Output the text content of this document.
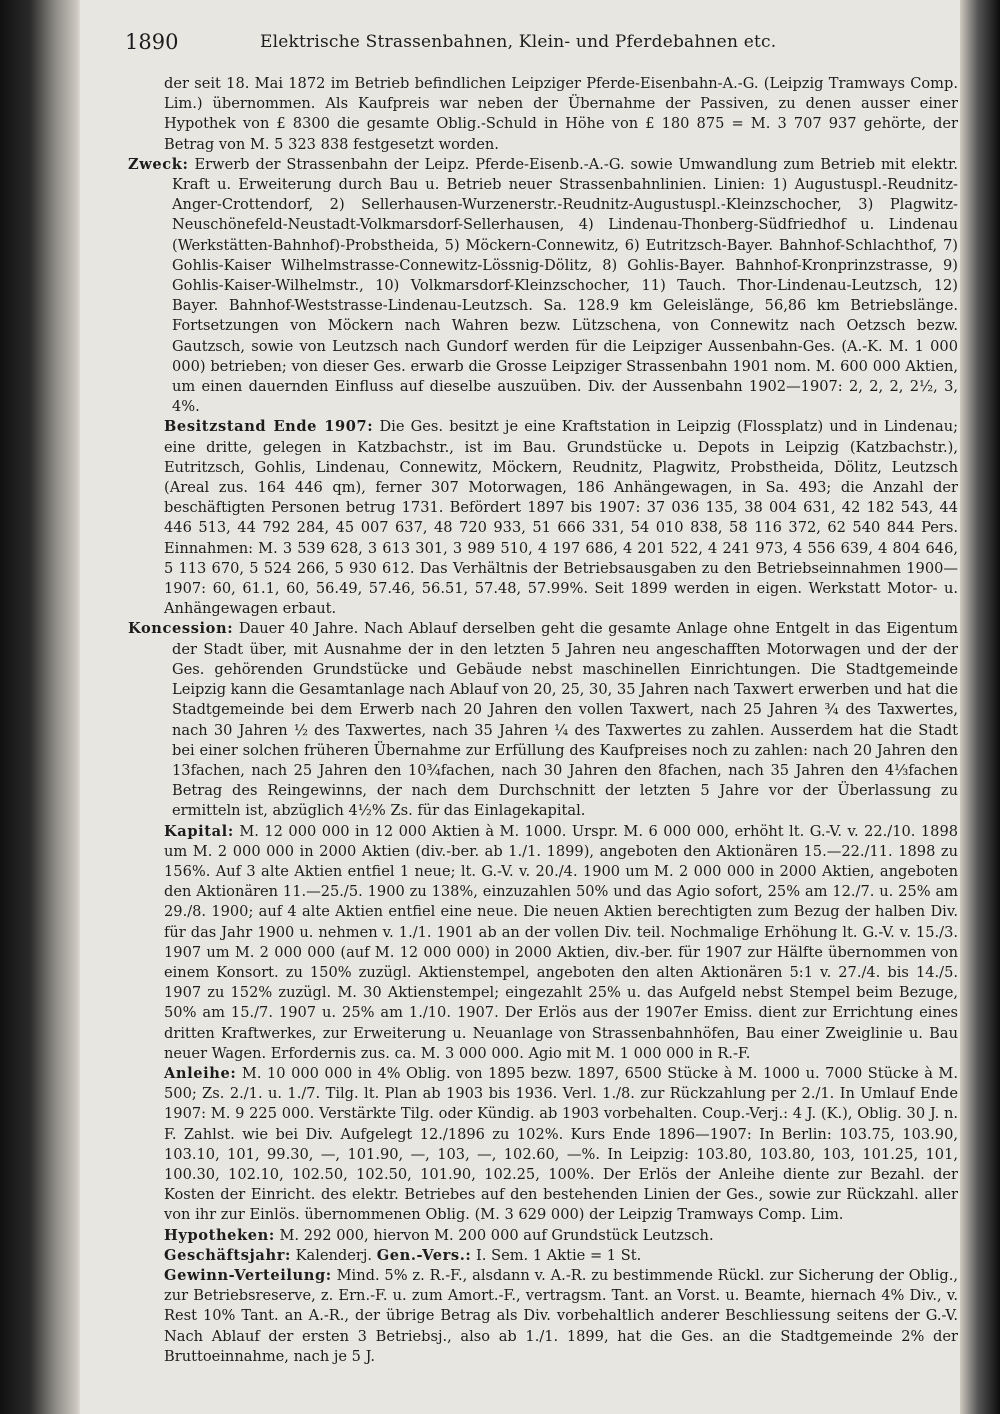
1890	Elektrische Strassenbahnen, Klein- und Pferdebahnen etc.

der seit 18. Mai 1872 im Betrieb befindlichen Leipziger Pferde-Eisenbahn-A.-G. (Leipzig Tramways Comp. Lim.) übernommen. Als Kaufpreis war neben der Übernahme der Passiven, zu denen ausser einer Hypothek von £ 8300 die gesamte Oblig.-Schuld in Höhe von £ 180 875 = M. 3 707 937 gehörte, der Betrag von M. 5 323 838 festgesetzt worden.

Zweck: Erwerb der Strassenbahn der Leipz. Pferde-Eisenb.-A.-G. sowie Umwandlung zum Betrieb mit elektr. Kraft u. Erweiterung durch Bau u. Betrieb neuer Strassenbahnlinien. Linien: 1) Augustuspl.-Reudnitz-Anger-Crottendorf, 2) Sellerhausen-Wurzenerstr.-Reudnitz-Augustuspl.-Kleinzschocher, 3) Plagwitz-Neuschönefeld-Neustadt-Volkmarsdorf-Sellerhausen, 4) Lindenau-Thonberg-Südfriedhof u. Lindenau (Werkstätten-Bahnhof)-Probstheida, 5) Möckern-Connewitz, 6) Eutritzsch-Bayer. Bahnhof-Schlachthof, 7) Gohlis-Kaiser Wilhelmstrasse-Connewitz-Lössnig-Dölitz, 8) Gohlis-Bayer. Bahnhof-Kronprinzstrasse, 9) Gohlis-Kaiser-Wilhelmstr., 10) Volkmarsdorf-Kleinzschocher, 11) Tauch. Thor-Lindenau-Leutzsch, 12) Bayer. Bahnhof-Weststrasse-Lindenau-Leutzsch. Sa. 128.9 km Geleislänge, 56,86 km Betriebslänge. Fortsetzungen von Möckern nach Wahren bezw. Lützschena, von Connewitz nach Oetzsch bezw. Gautzsch, sowie von Leutzsch nach Gundorf werden für die Leipziger Aussenbahn-Ges. (A.-K. M. 1 000 000) betrieben; von dieser Ges. erwarb die Grosse Leipziger Strassenbahn 1901 nom. M. 600 000 Aktien, um einen dauernden Einfluss auf dieselbe auszuüben. Div. der Aussenbahn 1902—1907: 2, 2, 2, 2½, 3, 4%.

Besitzstand Ende 1907: Die Ges. besitzt je eine Kraftstation in Leipzig (Flossplatz) und in Lindenau; eine dritte, gelegen in Katzbachstr., ist im Bau. Grundstücke u. Depots in Leipzig (Katzbachstr.), Eutritzsch, Gohlis, Lindenau, Connewitz, Möckern, Reudnitz, Plagwitz, Probstheida, Dölitz, Leutzsch (Areal zus. 164 446 qm), ferner 307 Motorwagen, 186 Anhängewagen, in Sa. 493; die Anzahl der beschäftigten Personen betrug 1731. Befördert 1897 bis 1907: 37 036 135, 38 004 631, 42 182 543, 44 446 513, 44 792 284, 45 007 637, 48 720 933, 51 666 331, 54 010 838, 58 116 372, 62 540 844 Pers. Einnahmen: M. 3 539 628, 3 613 301, 3 989 510, 4 197 686, 4 201 522, 4 241 973, 4 556 639, 4 804 646, 5 113 670, 5 524 266, 5 930 612. Das Verhältnis der Betriebsausgaben zu den Betriebseinnahmen 1900—1907: 60, 61.1, 60, 56.49, 57.46, 56.51, 57.48, 57.99%. Seit 1899 werden in eigen. Werkstatt Motor- u. Anhängewagen erbaut.

Koncession: Dauer 40 Jahre. Nach Ablauf derselben geht die gesamte Anlage ohne Entgelt in das Eigentum der Stadt über, mit Ausnahme der in den letzten 5 Jahren neu angeschafften Motorwagen und der der Ges. gehörenden Grundstücke und Gebäude nebst maschinellen Einrichtungen. Die Stadtgemeinde Leipzig kann die Gesamtanlage nach Ablauf von 20, 25, 30, 35 Jahren nach Taxwert erwerben und hat die Stadtgemeinde bei dem Erwerb nach 20 Jahren den vollen Taxwert, nach 25 Jahren ¾ des Taxwertes, nach 30 Jahren ½ des Taxwertes, nach 35 Jahren ¼ des Taxwertes zu zahlen. Ausserdem hat die Stadt bei einer solchen früheren Übernahme zur Erfüllung des Kaufpreises noch zu zahlen: nach 20 Jahren den 13fachen, nach 25 Jahren den 10¾fachen, nach 30 Jahren den 8fachen, nach 35 Jahren den 4⅓fachen Betrag des Reingewinns, der nach dem Durchschnitt der letzten 5 Jahre vor der Überlassung zu ermitteln ist, abzüglich 4½% Zs. für das Einlagekapital.

Kapital: M. 12 000 000 in 12 000 Aktien à M. 1000. Urspr. M. 6 000 000, erhöht lt. G.-V. v. 22./10. 1898 um M. 2 000 000 in 2000 Aktien (div.-ber. ab 1./1. 1899), angeboten den Aktionären 15.—22./11. 1898 zu 156%. Auf 3 alte Aktien entfiel 1 neue; lt. G.-V. v. 20./4. 1900 um M. 2 000 000 in 2000 Aktien, angeboten den Aktionären 11.—25./5. 1900 zu 138%, einzuzahlen 50% und das Agio sofort, 25% am 12./7. u. 25% am 29./8. 1900; auf 4 alte Aktien entfiel eine neue. Die neuen Aktien berechtigten zum Bezug der halben Div. für das Jahr 1900 u. nehmen v. 1./1. 1901 ab an der vollen Div. teil. Nochmalige Erhöhung lt. G.-V. v. 15./3. 1907 um M. 2 000 000 (auf M. 12 000 000) in 2000 Aktien, div.-ber. für 1907 zur Hälfte übernommen von einem Konsort. zu 150% zuzügl. Aktienstempel, angeboten den alten Aktionären 5:1 v. 27./4. bis 14./5. 1907 zu 152% zuzügl. M. 30 Aktienstempel; eingezahlt 25% u. das Aufgeld nebst Stempel beim Bezuge, 50% am 15./7. 1907 u. 25% am 1./10. 1907. Der Erlös aus der 1907er Emiss. dient zur Errichtung eines dritten Kraftwerkes, zur Erweiterung u. Neuanlage von Strassenbahnhöfen, Bau einer Zweiglinie u. Bau neuer Wagen. Erfordernis zus. ca. M. 3 000 000. Agio mit M. 1 000 000 in R.-F.

Anleihe: M. 10 000 000 in 4% Oblig. von 1895 bezw. 1897, 6500 Stücke à M. 1000 u. 7000 Stücke à M. 500; Zs. 2./1. u. 1./7. Tilg. lt. Plan ab 1903 bis 1936. Verl. 1./8. zur Rückzahlung per 2./1. In Umlauf Ende 1907: M. 9 225 000. Verstärkte Tilg. oder Kündig. ab 1903 vorbehalten. Coup.-Verj.: 4 J. (K.), Oblig. 30 J. n. F. Zahlst. wie bei Div. Aufgelegt 12./1896 zu 102%. Kurs Ende 1896—1907: In Berlin: 103.75, 103.90, 103.10, 101, 99.30, —, 101.90, —, 103, —, 102.60, —%. In Leipzig: 103.80, 103.80, 103, 101.25, 101, 100.30, 102.10, 102.50, 102.50, 101.90, 102.25, 100%. Der Erlös der Anleihe diente zur Bezahl. der Kosten der Einricht. des elektr. Betriebes auf den bestehenden Linien der Ges., sowie zur Rückzahl. aller von ihr zur Einlös. übernommenen Oblig. (M. 3 629 000) der Leipzig Tramways Comp. Lim.

Hypotheken: M. 292 000, hiervon M. 200 000 auf Grundstück Leutzsch.

Geschäftsjahr: Kalenderj. Gen.-Vers.: I. Sem. 1 Aktie = 1 St.

Gewinn-Verteilung: Mind. 5% z. R.-F., alsdann v. A.-R. zu bestimmende Rückl. zur Sicherung der Oblig., zur Betriebsreserve, z. Ern.-F. u. zum Amort.-F., vertragsm. Tant. an Vorst. u. Beamte, hiernach 4% Div., v. Rest 10% Tant. an A.-R., der übrige Betrag als Div. vorbehaltlich anderer Beschliessung seitens der G.-V. Nach Ablauf der ersten 3 Betriebsj., also ab 1./1. 1899, hat die Ges. an die Stadtgemeinde 2% der Bruttoeinnahme, nach je 5 J.
